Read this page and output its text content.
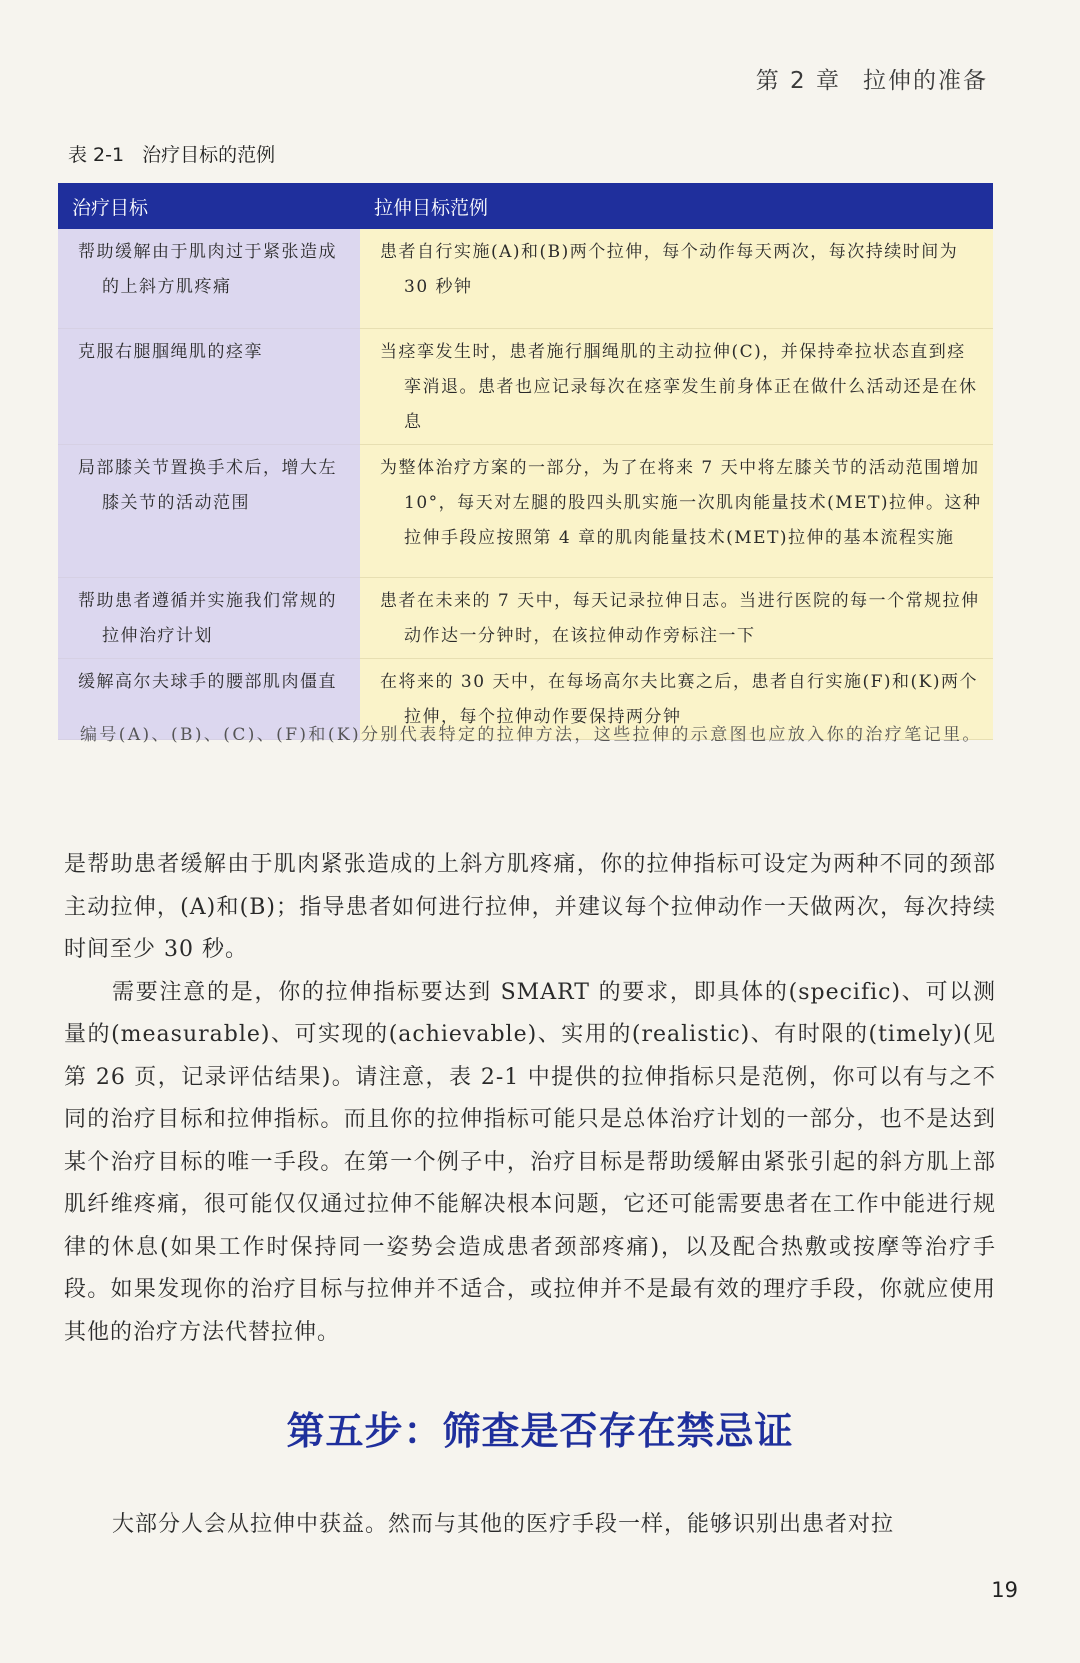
第 2 章 拉伸的准备
表 2-1 治疗目标的范例
治疗目标	拉伸目标范例

帮助缓解由于肌肉过于紧张造成的上斜方肌疼痛	患者自行实施(A)和(B)两个拉伸，每个动作每天两次，每次持续时间为 30 秒钟

克服右腿腘绳肌的痉挛	当痉挛发生时，患者施行腘绳肌的主动拉伸(C)，并保持牵拉状态直到痉挛消退。患者也应记录每次在痉挛发生前身体正在做什么活动还是在休息

局部膝关节置换手术后，增大左膝关节的活动范围	为整体治疗方案的一部分，为了在将来 7 天中将左膝关节的活动范围增加 10°，每天对左腿的股四头肌实施一次肌肉能量技术(MET)拉伸。这种拉伸手段应按照第 4 章的肌肉能量技术(MET)拉伸的基本流程实施

帮助患者遵循并实施我们常规的拉伸治疗计划	患者在未来的 7 天中，每天记录拉伸日志。当进行医院的每一个常规拉伸动作达一分钟时，在该拉伸动作旁标注一下

缓解高尔夫球手的腰部肌肉僵直	在将来的 30 天中，在每场高尔夫比赛之后，患者自行实施(F)和(K)两个拉伸，每个拉伸动作要保持两分钟
编号(A)、(B)、(C)、(F)和(K)分别代表特定的拉伸方法，这些拉伸的示意图也应放入你的治疗笔记里。

是帮助患者缓解由于肌肉紧张造成的上斜方肌疼痛，你的拉伸指标可设定为两种不同的颈部主动拉伸，(A)和(B)；指导患者如何进行拉伸，并建议每个拉伸动作一天做两次，每次持续时间至少 30 秒。

需要注意的是，你的拉伸指标要达到 SMART 的要求，即具体的(specific)、可以测量的(measurable)、可实现的(achievable)、实用的(realistic)、有时限的(timely)(见第 26 页，记录评估结果)。请注意，表 2-1 中提供的拉伸指标只是范例，你可以有与之不同的治疗目标和拉伸指标。而且你的拉伸指标可能只是总体治疗计划的一部分，也不是达到某个治疗目标的唯一手段。在第一个例子中，治疗目标是帮助缓解由紧张引起的斜方肌上部肌纤维疼痛，很可能仅仅通过拉伸不能解决根本问题，它还可能需要患者在工作中能进行规律的休息(如果工作时保持同一姿势会造成患者颈部疼痛)，以及配合热敷或按摩等治疗手段。如果发现你的治疗目标与拉伸并不适合，或拉伸并不是最有效的理疗手段，你就应使用其他的治疗方法代替拉伸。

第五步：筛查是否存在禁忌证

大部分人会从拉伸中获益。然而与其他的医疗手段一样，能够识别出患者对拉

19
